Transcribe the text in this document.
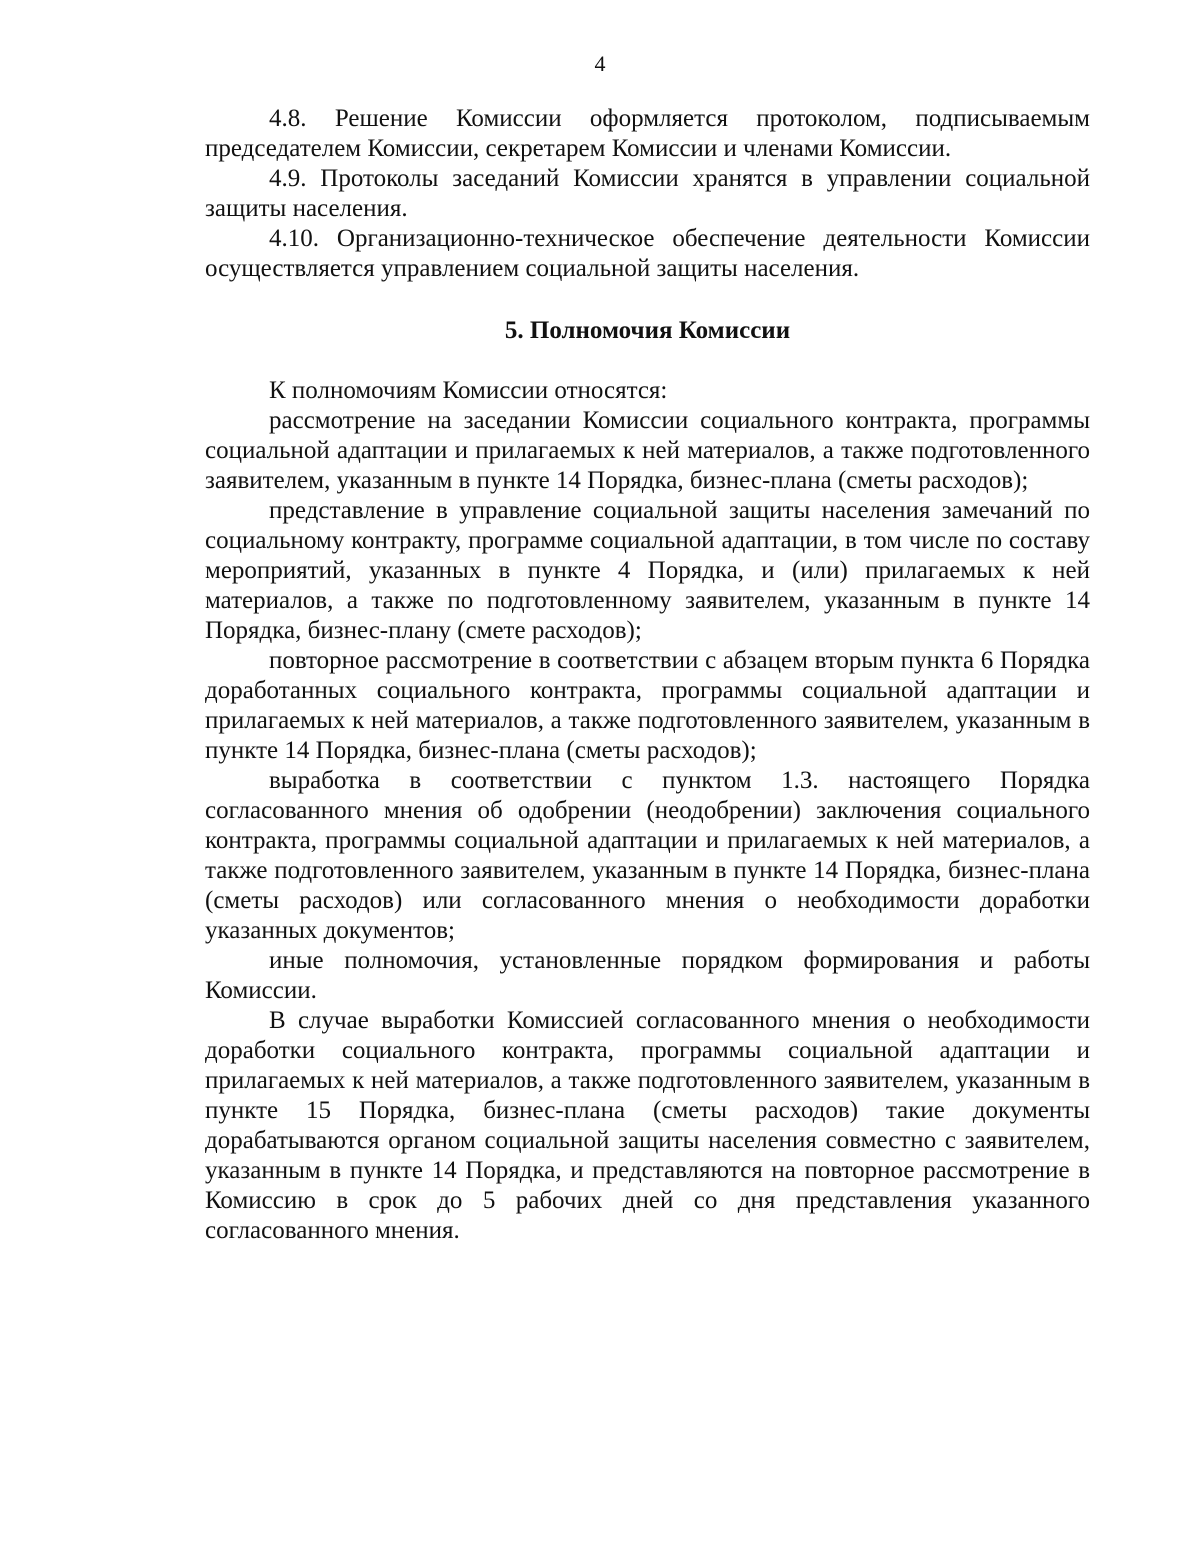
4

4.8. Решение Комиссии оформляется протоколом, подписываемым председателем Комиссии, секретарем Комиссии и членами Комиссии.

4.9. Протоколы заседаний Комиссии хранятся в управлении социальной защиты населения.

4.10. Организационно-техническое обеспечение деятельности Комиссии осуществляется управлением социальной защиты населения.

5. Полномочия Комиссии

К полномочиям Комиссии относятся:

рассмотрение на заседании Комиссии социального контракта, программы социальной адаптации и прилагаемых к ней материалов, а также подготовленного заявителем, указанным в пункте 14 Порядка, бизнес-плана (сметы расходов);

представление в управление социальной защиты населения замечаний по социальному контракту, программе социальной адаптации, в том числе по составу мероприятий, указанных в пункте 4 Порядка, и (или) прилагаемых к ней материалов, а также по подготовленному заявителем, указанным в пункте 14 Порядка, бизнес-плану (смете расходов);

повторное рассмотрение в соответствии с абзацем вторым пункта 6 Порядка доработанных социального контракта, программы социальной адаптации и прилагаемых к ней материалов, а также подготовленного заявителем, указанным в пункте 14 Порядка, бизнес-плана (сметы расходов);

выработка в соответствии с пунктом 1.3. настоящего Порядка согласованного мнения об одобрении (неодобрении) заключения социального контракта, программы социальной адаптации и прилагаемых к ней материалов, а также подготовленного заявителем, указанным в пункте 14 Порядка, бизнес-плана (сметы расходов) или согласованного мнения о необходимости доработки указанных документов;

иные полномочия, установленные порядком формирования и работы Комиссии.

В случае выработки Комиссией согласованного мнения о необходимости доработки социального контракта, программы социальной адаптации и прилагаемых к ней материалов, а также подготовленного заявителем, указанным в пункте 15 Порядка, бизнес-плана (сметы расходов) такие документы дорабатываются органом социальной защиты населения совместно с заявителем, указанным в пункте 14 Порядка, и представляются на повторное рассмотрение в Комиссию в срок до 5 рабочих дней со дня представления указанного согласованного мнения.
